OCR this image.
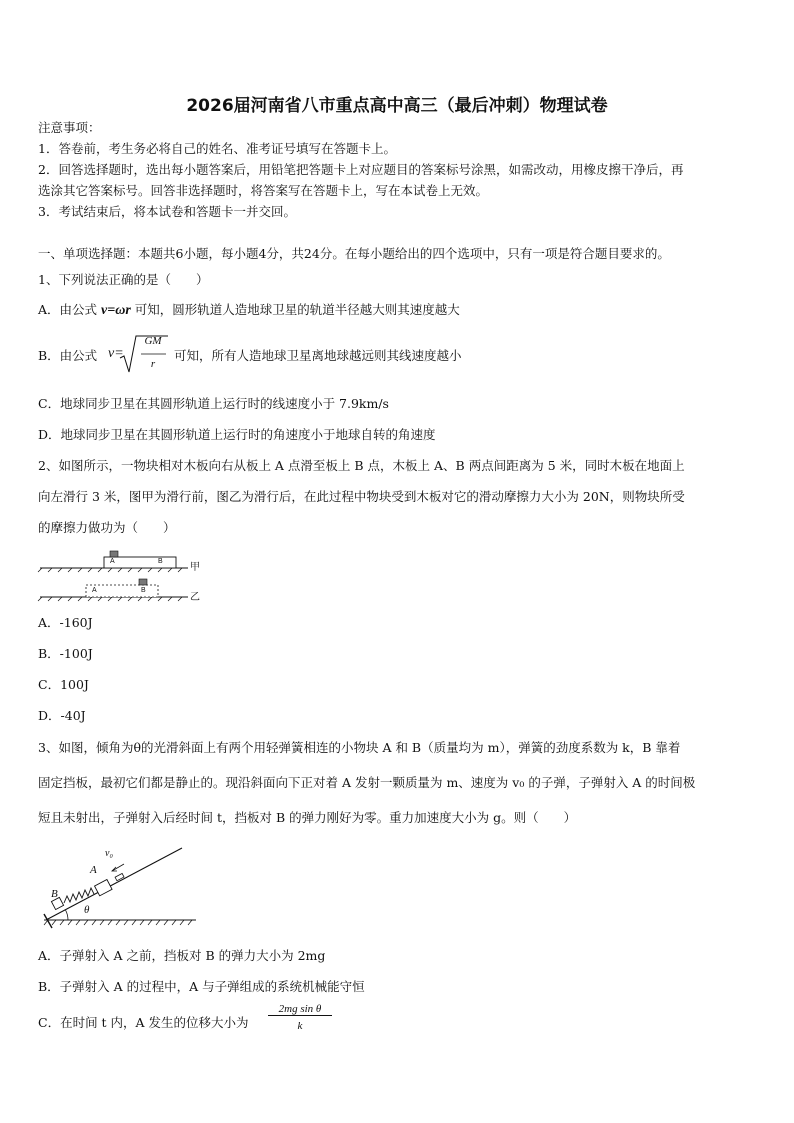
2026届河南省八市重点高中高三（最后冲刺）物理试卷
注意事项：
1．答卷前，考生务必将自己的姓名、准考证号填写在答题卡上。
2．回答选择题时，选出每小题答案后，用铅笔把答题卡上对应题目的答案标号涂黑，如需改动，用橡皮擦干净后，再
选涂其它答案标号。回答非选择题时，将答案写在答题卡上，写在本试卷上无效。
3．考试结束后，将本试卷和答题卡一并交回。
一、单项选择题：本题共6小题，每小题4分，共24分。在每小题给出的四个选项中，只有一项是符合题目要求的。
1、下列说法正确的是（　　）
A．由公式 v=ωr 可知，圆形轨道人造地球卫星的轨道半径越大则其速度越大
B．由公式 v=
GM
r
可知，所有人造地球卫星离地球越远则其线速度越小
C．地球同步卫星在其圆形轨道上运行时的线速度小于 7.9km/s
D．地球同步卫星在其圆形轨道上运行时的角速度小于地球自转的角速度
2、如图所示，一物块相对木板向右从板上 A 点滑至板上 B 点，木板上 A、B 两点间距离为 5 米，同时木板在地面上
向左滑行 3 米，图甲为滑行前，图乙为滑行后，在此过程中物块受到木板对它的滑动摩擦力大小为 20N，则物块所受
的摩擦力做功为（　　）
A	B
A	B
甲
乙
A．-160J
B．-100J
C．100J
D．-40J
3、如图，倾角为θ的光滑斜面上有两个用轻弹簧相连的小物块 A 和 B（质量均为 m），弹簧的劲度系数为 k，B 靠着
固定挡板，最初它们都是静止的。现沿斜面向下正对着 A 发射一颗质量为 m、速度为 v₀ 的子弹，子弹射入 A 的时间极
短且未射出，子弹射入后经时间 t，挡板对 B 的弹力刚好为零。重力加速度大小为 g。则（　　）
v₀
A
B
θ
A．子弹射入 A 之前，挡板对 B 的弹力大小为 2mg
B．子弹射入 A 的过程中，A 与子弹组成的系统机械能守恒
C．在时间 t 内，A 发生的位移大小为
2mg sin θ
k
